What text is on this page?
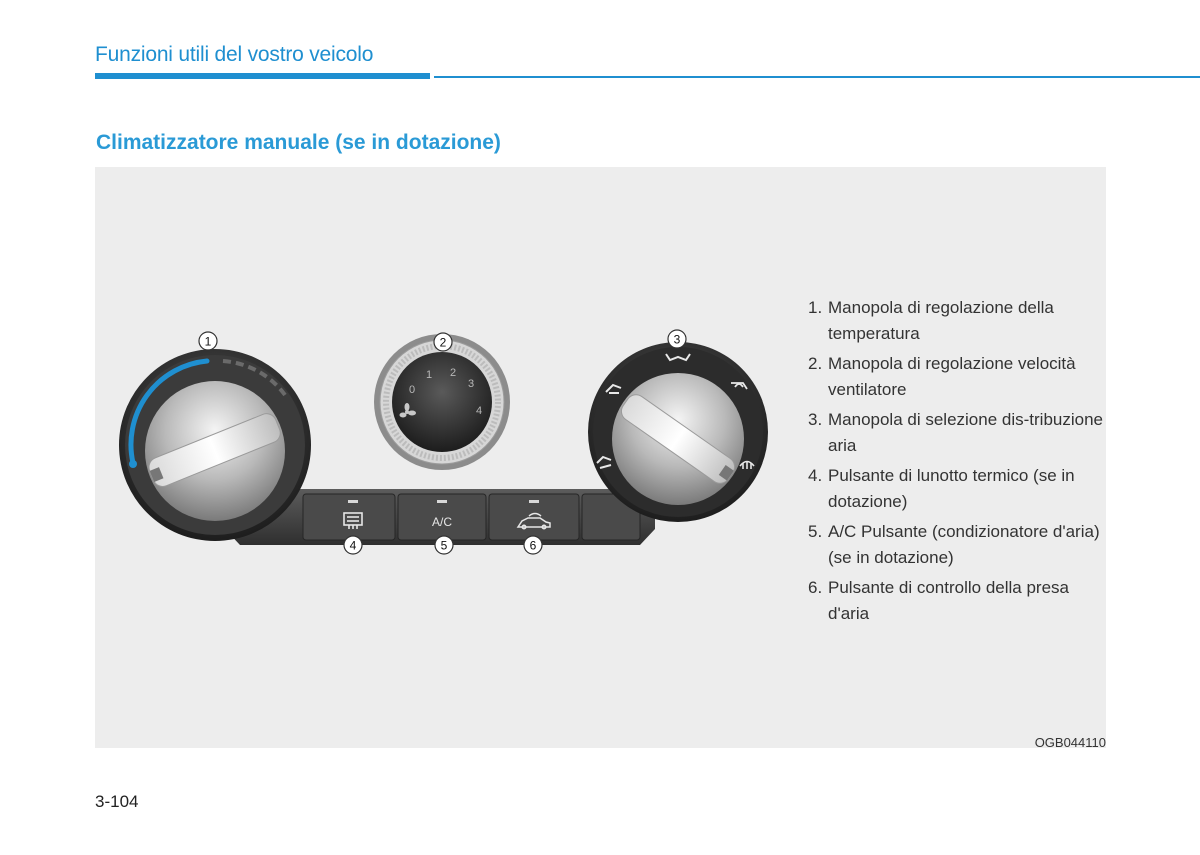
Funzioni utili del vostro veicolo
Climatizzatore manuale (se in dotazione)
A/C
0
1 2
3
4
1	2	3
4	5	6
1. Manopola di regolazione della temperatura
2. Manopola di regolazione velocità ventilatore
3. Manopola di selezione dis-tribuzione aria
4. Pulsante di lunotto termico (se in dotazione)
5. A/C Pulsante (condizionatore d'aria) (se in dotazione)
6. Pulsante di controllo della presa d'aria
OGB044110
3-104
